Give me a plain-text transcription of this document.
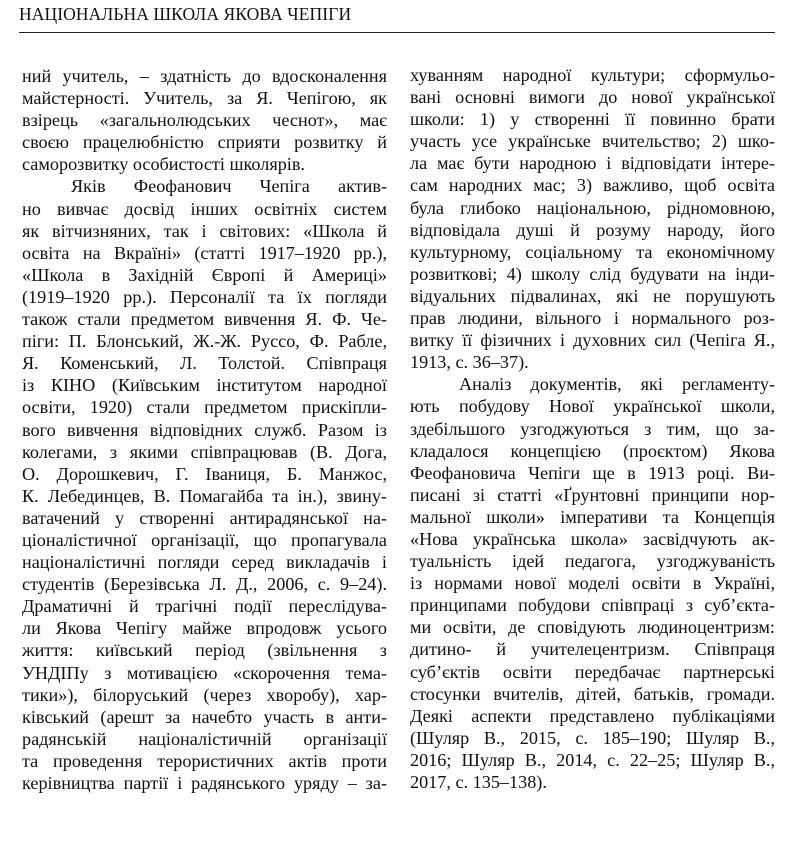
НАЦІОНАЛЬНА ШКОЛА ЯКОВА ЧЕПІГИ
ний учитель, – здатність до вдосконалення
майстерності. Учитель, за Я. Чепігою, як
взірець «загальнолюдських чеснот», має
своєю працелюбністю сприяти розвитку й
саморозвитку особистості школярів.
Яків Феофанович Чепіга актив-
но вивчає досвід інших освітніх систем
як вітчизняних, так і світових: «Школа й
освіта на Вкраїні» (статті 1917–1920 рр.),
«Школа в Західній Європі й Америці»
(1919–1920 рр.). Персоналії та їх погляди
також стали предметом вивчення Я. Ф. Че-
піги: П. Блонський, Ж.-Ж. Руссо, Ф. Рабле,
Я. Коменський, Л. Толстой. Співпраця
із КІНО (Київським інститутом народної
освіти, 1920) стали предметом прискіпли-
вого вивчення відповідних служб. Разом із
колегами, з якими співпрацював (В. Дога,
О. Дорошкевич, Г. Іваниця, Б. Манжос,
К. Лебединцев, В. Помагайба та ін.), звину-
ватачений у створенні антирадянської на-
ціоналістичної організації, що пропагувала
націоналістичні погляди серед викладачів і
студентів (Березівська Л. Д., 2006, с. 9–24).
Драматичні й трагічні події переслідува-
ли Якова Чепігу майже впродовж усього
життя: київський період (звільнення з
УНДІПу з мотивацією «скорочення тема-
тики»), білоруський (через хворобу), хар-
ківський (арешт за начебто участь в анти-
радянській націоналістичній організації
та проведення терористичних актів проти
керівництва партії і радянського уряду – за-
хуванням народної культури; сформульо-
вані основні вимоги до нової української
школи: 1) у створенні її повинно брати
участь усе українське вчительство; 2) шко-
ла має бути народною і відповідати інтере-
сам народних мас; 3) важливо, щоб освіта
була глибоко національною, рідномовною,
відповідала душі й розуму народу, його
культурному, соціальному та економічному
розвиткові; 4) школу слід будувати на інди-
відуальних підвалинах, які не порушують
прав людини, вільного і нормального роз-
витку її фізичних і духовних сил (Чепіга Я.,
1913, с. 36–37).
Аналіз документів, які регламенту-
ють побудову Нової української школи,
здебільшого узгоджуються з тим, що за-
кладалося концепцією (проєктом) Якова
Феофановича Чепіги ще в 1913 році. Ви-
писані зі статті «Ґрунтовні принципи нор-
мальної школи» імперативи та Концепція
«Нова українська школа» засвідчують ак-
туальність ідей педагога, узгоджуваність
із нормами нової моделі освіти в Україні,
принципами побудови співпраці з суб’єкта-
ми освіти, де сповідують людиноцентризм:
дитино- й учителецентризм. Співпраця
суб’єктів освіти передбачає партнерські
стосунки вчителів, дітей, батьків, громади.
Деякі аспекти представлено публікаціями
(Шуляр В., 2015, с. 185–190; Шуляр В.,
2016; Шуляр В., 2014, с. 22–25; Шуляр В.,
2017, с. 135–138).
